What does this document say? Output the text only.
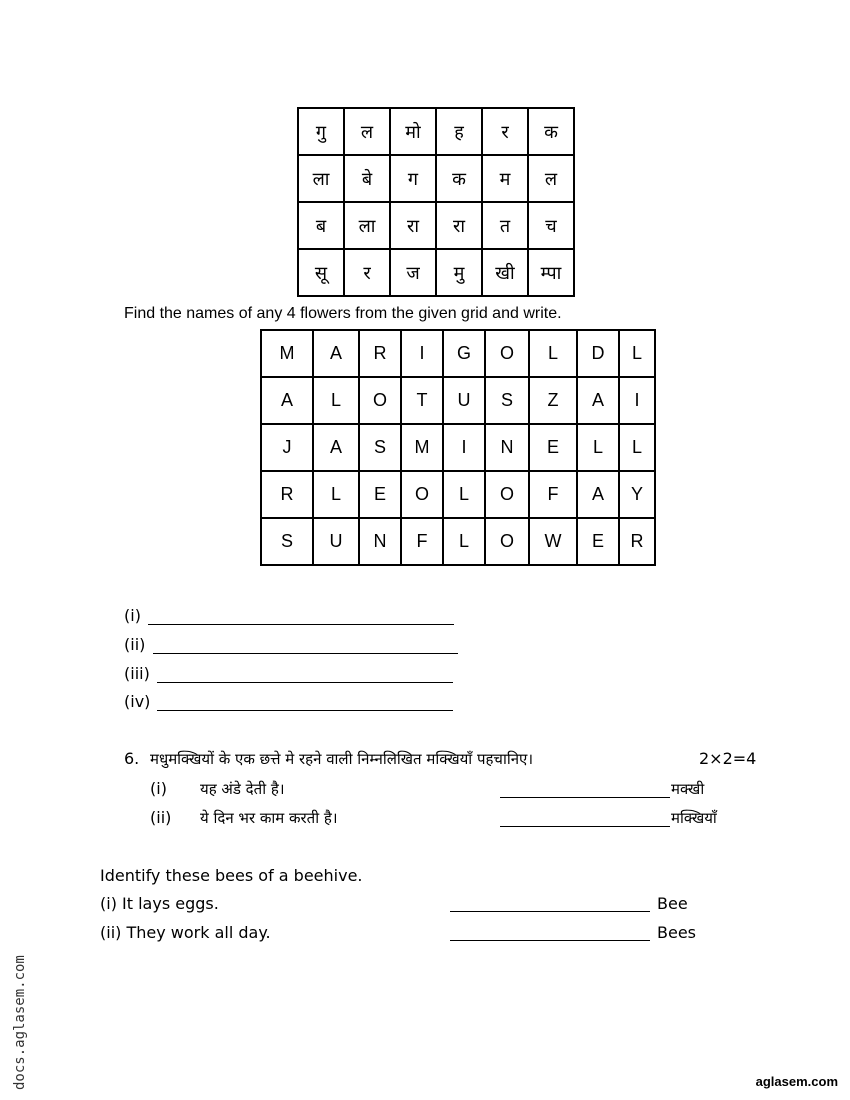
गु	ल	मो	ह	र	क
ला	बे	ग	क	म	ल
ब	ला	रा	रा	त	च
सू	र	ज	मु	खी	म्पा
Find the names of any 4 flowers from the given grid and write.
M	A	R	I	G	O	L	D	L
A	L	O	T	U	S	Z	A	I
J	A	S	M	I	N	E	L	L
R	L	E	O	L	O	F	A	Y
S	U	N	F	L	O	W	E	R
(i)
(ii)
(iii)
(iv)
6. मधुमक्खियों के एक छत्ते मे रहने वाली निम्नलिखित मक्खियाँ पहचानिए।	2×2=4
(i) यह अंडे देती है।	मक्खी
(ii) ये दिन भर काम करती है।	मक्खियाँ
Identify these bees of a beehive.
(i) It lays eggs.	Bee
(ii) They work all day.	Bees
docs.aglasem.com	aglasem.com
